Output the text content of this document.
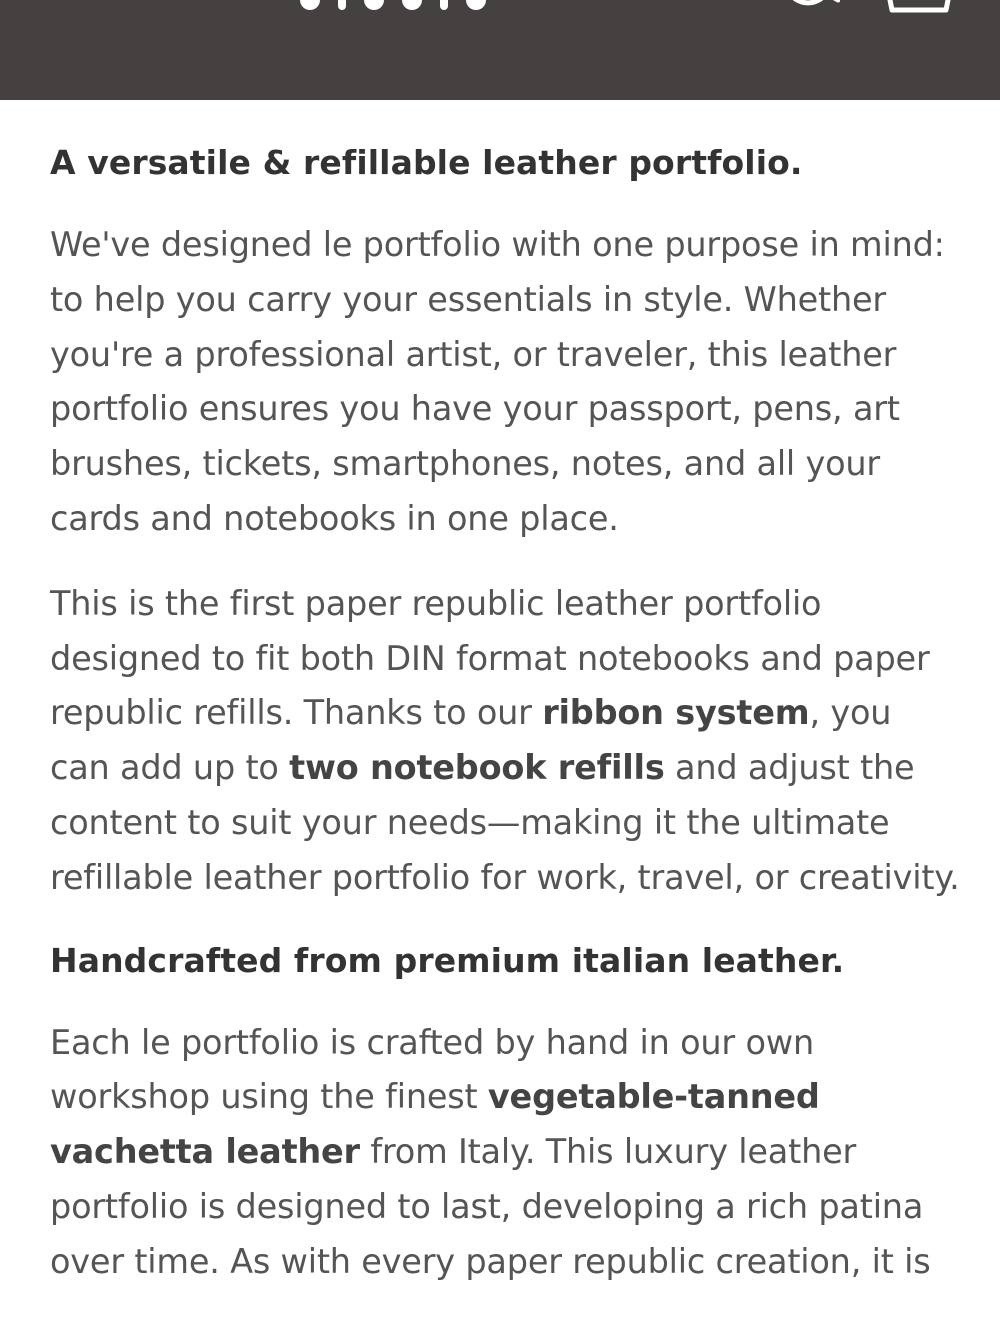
A versatile & refillable leather portfolio.

We've designed le portfolio with one purpose in mind: to help you carry your essentials in style. Whether you're a professional artist, or traveler, this leather portfolio ensures you have your passport, pens, art brushes, tickets, smartphones, notes, and all your cards and notebooks in one place.

This is the first paper republic leather portfolio designed to fit both DIN format notebooks and paper republic refills. Thanks to our ribbon system, you can add up to two notebook refills and adjust the content to suit your needs—making it the ultimate refillable leather portfolio for work, travel, or creativity.

Handcrafted from premium italian leather.

Each le portfolio is crafted by hand in our own workshop using the finest vegetable-tanned vachetta leather from Italy. This luxury leather portfolio is designed to last, developing a rich patina over time. As with every paper republic creation, it is
